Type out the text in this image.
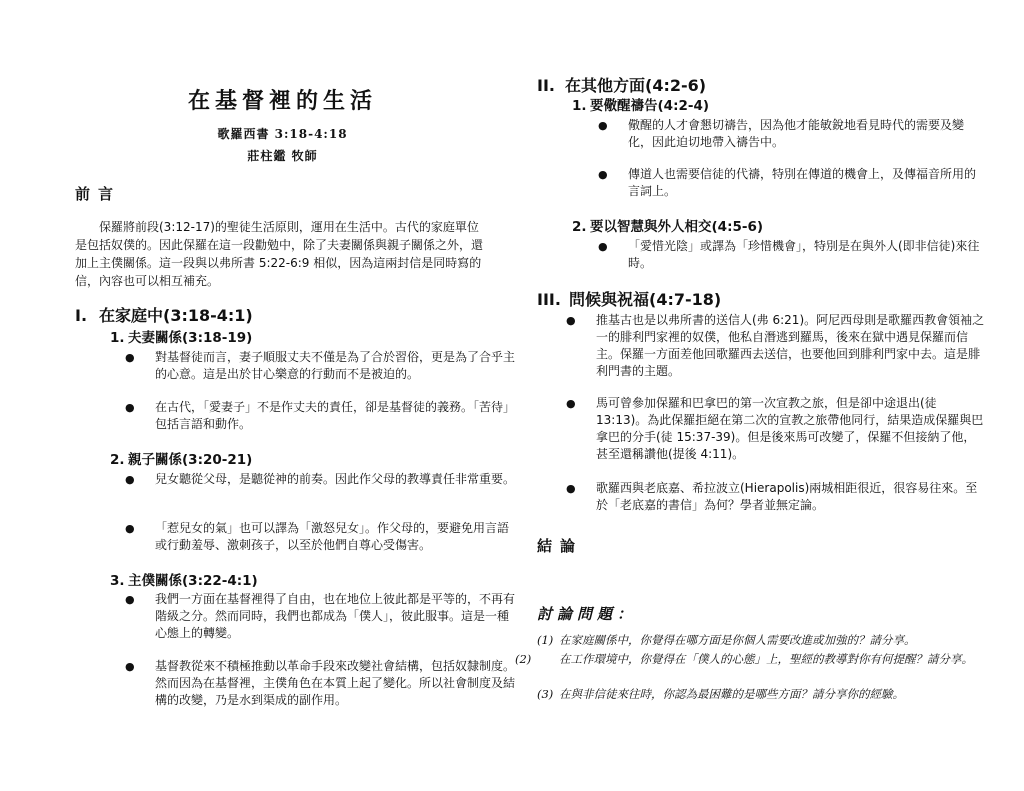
在基督裡的生活
歌羅西書 3:18-4:18
莊柱鑑 牧師
前言

保羅將前段(3:12-17)的聖徒生活原則，運用在生活中。古代的家庭單位是包括奴僕的。因此保羅在這一段勸勉中，除了夫妻關係與親子關係之外，還加上主僕關係。這一段與以弗所書 5:22-6:9 相似，因為這兩封信是同時寫的信，內容也可以相互補充。

I. 在家庭中(3:18-4:1)
1. 夫妻關係(3:18-19)
● 對基督徒而言，妻子順服丈夫不僅是為了合於習俗，更是為了合乎主的心意。這是出於甘心樂意的行動而不是被迫的。
● 在古代，「愛妻子」不是作丈夫的責任，卻是基督徒的義務。「苦待」包括言語和動作。
2. 親子關係(3:20-21)
● 兒女聽從父母，是聽從神的前奏。因此作父母的教導責任非常重要。
● 「惹兒女的氣」也可以譯為「激怒兒女」。作父母的，要避免用言語或行動羞辱、激刺孩子，以至於他們自尊心受傷害。
3. 主僕關係(3:22-4:1)
● 我們一方面在基督裡得了自由，也在地位上彼此都是平等的，不再有階級之分。然而同時，我們也都成為「僕人」，彼此服事。這是一種心態上的轉變。
● 基督教從來不積極推動以革命手段來改變社會結構，包括奴隸制度。然而因為在基督裡，主僕角色在本質上起了變化。所以社會制度及結構的改變，乃是水到渠成的副作用。
II. 在其他方面(4:2-6)
1. 要儆醒禱告(4:2-4)
● 儆醒的人才會懇切禱告，因為他才能敏銳地看見時代的需要及變化，因此迫切地帶入禱告中。
● 傳道人也需要信徒的代禱，特別在傳道的機會上，及傳福音所用的言詞上。
2. 要以智慧與外人相交(4:5-6)
● 「愛惜光陰」或譯為「珍惜機會」，特別是在與外人(即非信徒)來往時。
III. 問候與祝福(4:7-18)
● 推基古也是以弗所書的送信人(弗 6:21)。阿尼西母則是歌羅西教會領袖之一的腓利門家裡的奴僕，他私自潛逃到羅馬，後來在獄中遇見保羅而信主。保羅一方面差他回歌羅西去送信，也要他回到腓利門家中去。這是腓利門書的主題。
● 馬可曾參加保羅和巴拿巴的第一次宣教之旅，但是卻中途退出(徒 13:13)。為此保羅拒絕在第二次的宣教之旅帶他同行，結果造成保羅與巴拿巴的分手(徒 15:37-39)。但是後來馬可改變了，保羅不但接納了他，甚至還稱讚他(提後 4:11)。
● 歌羅西與老底嘉、希拉波立(Hierapolis)兩城相距很近，很容易往來。至於「老底嘉的書信」為何？學者並無定論。
結論
討論問題：
(1) 在家庭關係中，你覺得在哪方面是你個人需要改進或加強的？請分享。
(2) 在工作環境中，你覺得在「僕人的心態」上，聖經的教導對你有何提醒？請分享。
(3) 在與非信徒來往時，你認為最困難的是哪些方面？請分享你的經驗。
